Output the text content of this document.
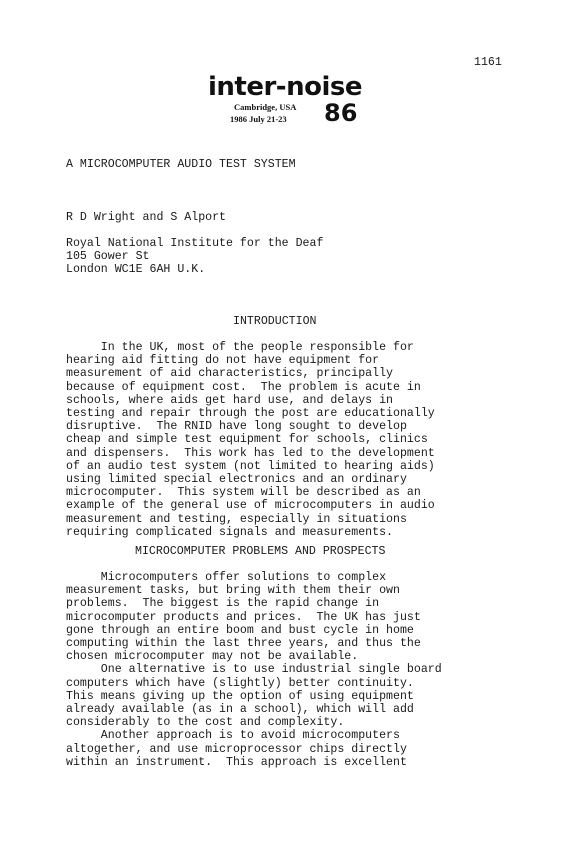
1161
inter-noise
Cambridge, USA
1986 July 21-23 86
A MICROCOMPUTER AUDIO TEST SYSTEM
R D Wright and S Alport
Royal National Institute for the Deaf
105 Gower St
London WC1E 6AH U.K.
INTRODUCTION
In the UK, most of the people responsible for
hearing aid fitting do not have equipment for
measurement of aid characteristics, principally
because of equipment cost.  The problem is acute in
schools, where aids get hard use, and delays in
testing and repair through the post are educationally
disruptive.  The RNID have long sought to develop
cheap and simple test equipment for schools, clinics
and dispensers.  This work has led to the development
of an audio test system (not limited to hearing aids)
using limited special electronics and an ordinary
microcomputer.  This system will be described as an
example of the general use of microcomputers in audio
measurement and testing, especially in situations
requiring complicated signals and measurements.
MICROCOMPUTER PROBLEMS AND PROSPECTS
Microcomputers offer solutions to complex
measurement tasks, but bring with them their own
problems.  The biggest is the rapid change in
microcomputer products and prices.  The UK has just
gone through an entire boom and bust cycle in home
computing within the last three years, and thus the
chosen microcomputer may not be available.
One alternative is to use industrial single board
computers which have (slightly) better continuity.
This means giving up the option of using equipment
already available (as in a school), which will add
considerably to the cost and complexity.
Another approach is to avoid microcomputers
altogether, and use microprocessor chips directly
within an instrument.  This approach is excellent
